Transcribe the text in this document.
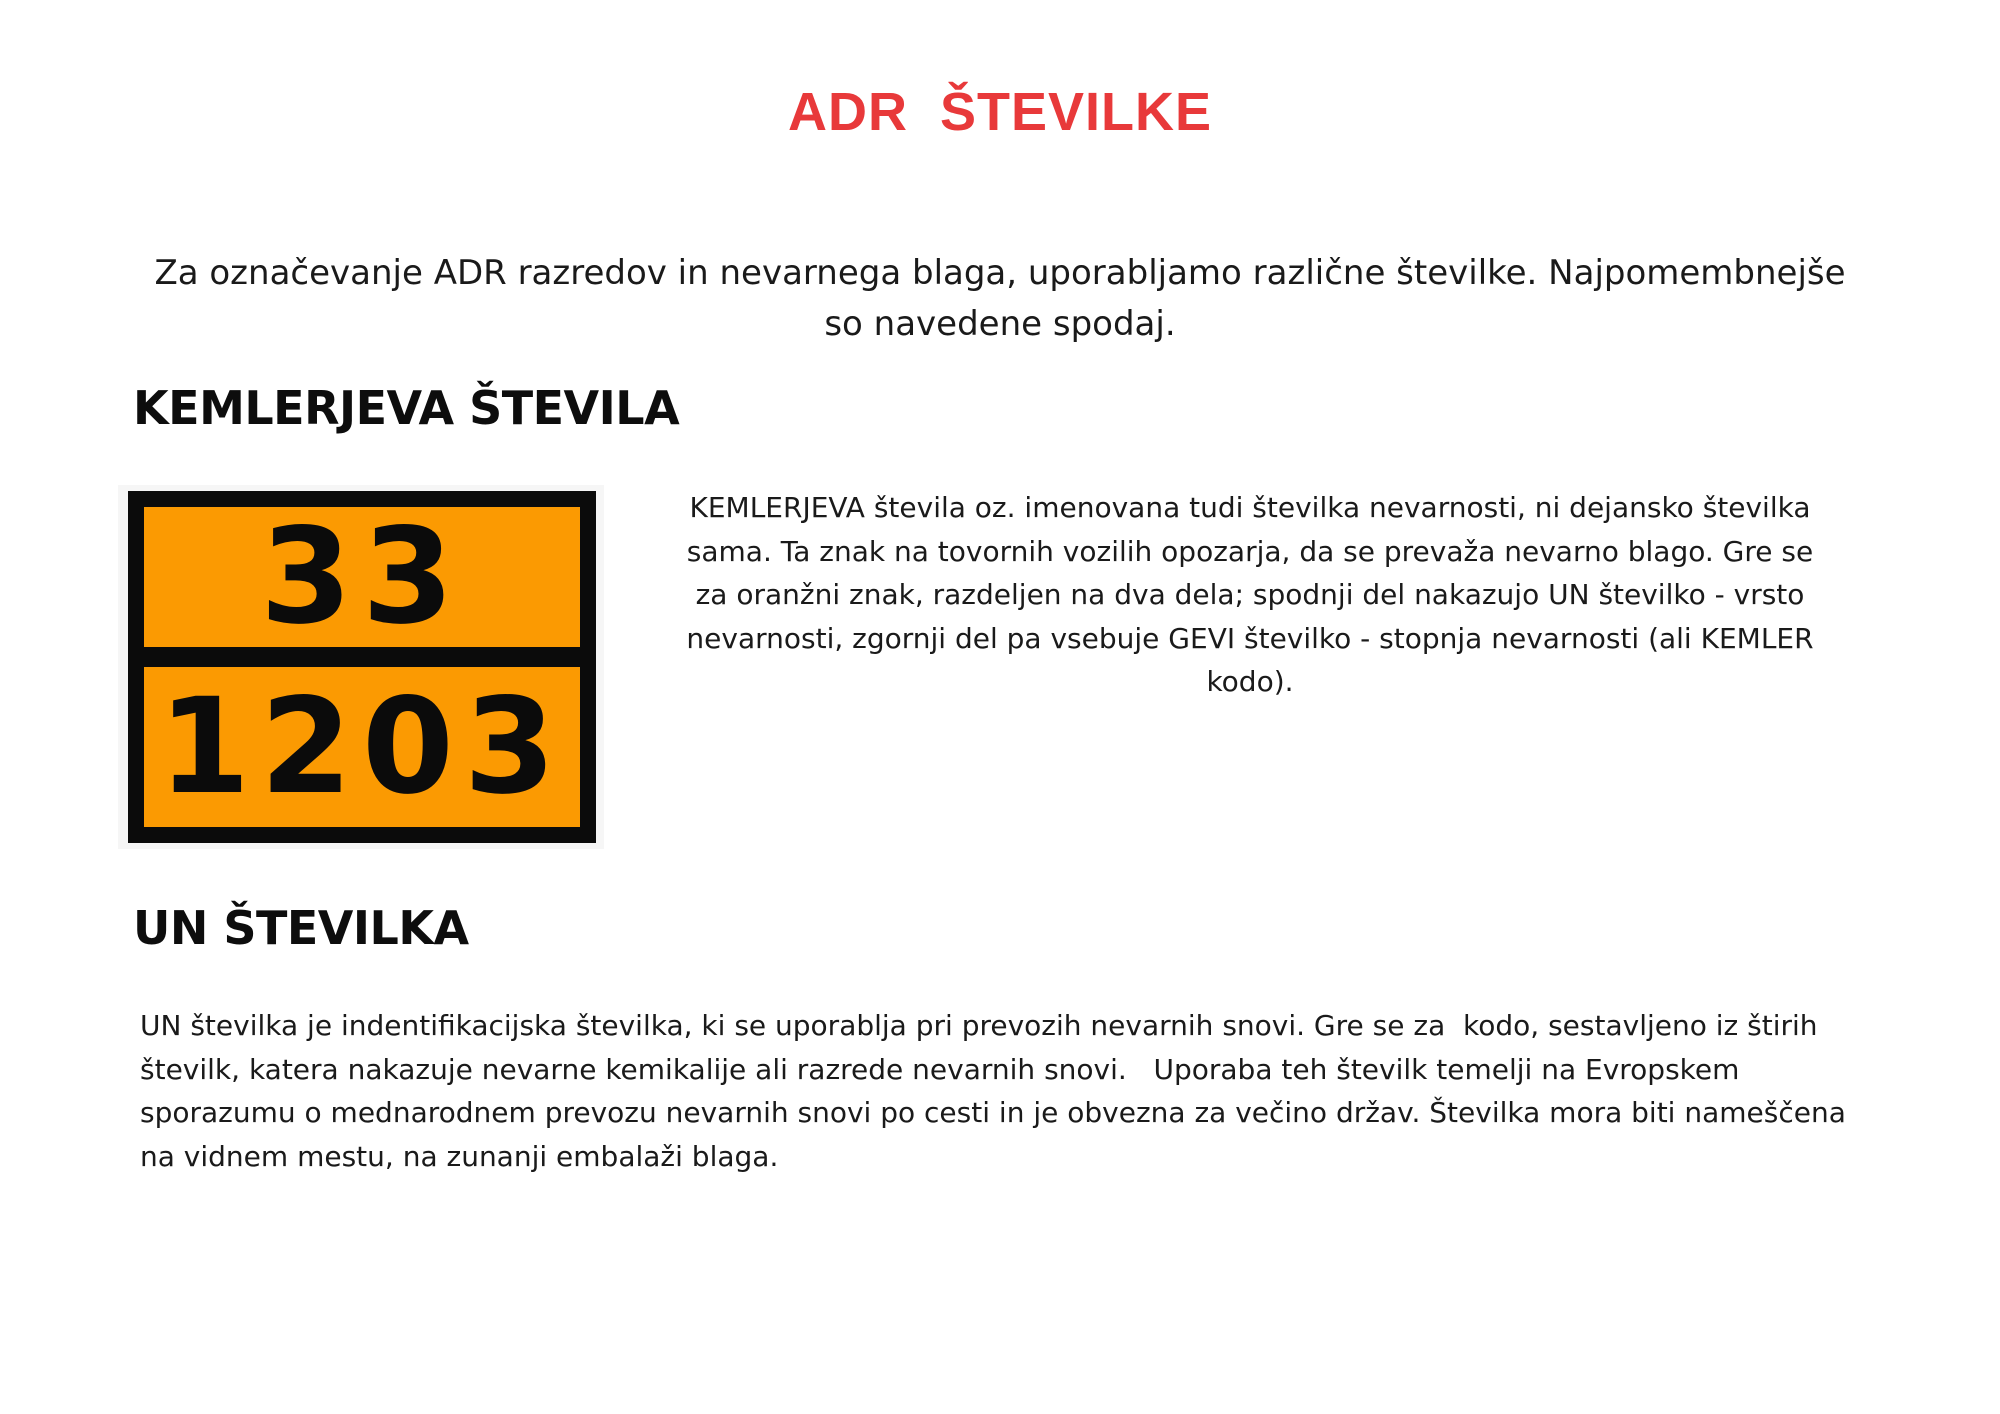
ADR  ŠTEVILKE
Za označevanje ADR razredov in nevarnega blaga, uporabljamo različne številke. Najpomembnejše so navedene spodaj.
KEMLERJEVA ŠTEVILA
33
1203
KEMLERJEVA števila oz. imenovana tudi številka nevarnosti, ni dejansko številka sama. Ta znak na tovornih vozilih opozarja, da se prevaža nevarno blago. Gre se za oranžni znak, razdeljen na dva dela; spodnji del nakazujo UN številko - vrsto nevarnosti, zgornji del pa vsebuje GEVI številko - stopnja nevarnosti (ali KEMLER kodo).
UN ŠTEVILKA
UN številka je indentifikacijska številka, ki se uporablja pri prevozih nevarnih snovi. Gre se za  kodo, sestavljeno iz štirih številk, katera nakazuje nevarne kemikalije ali razrede nevarnih snovi.   Uporaba teh številk temelji na Evropskem sporazumu o mednarodnem prevozu nevarnih snovi po cesti in je obvezna za večino držav. Številka mora biti nameščena na vidnem mestu, na zunanji embalaži blaga.
